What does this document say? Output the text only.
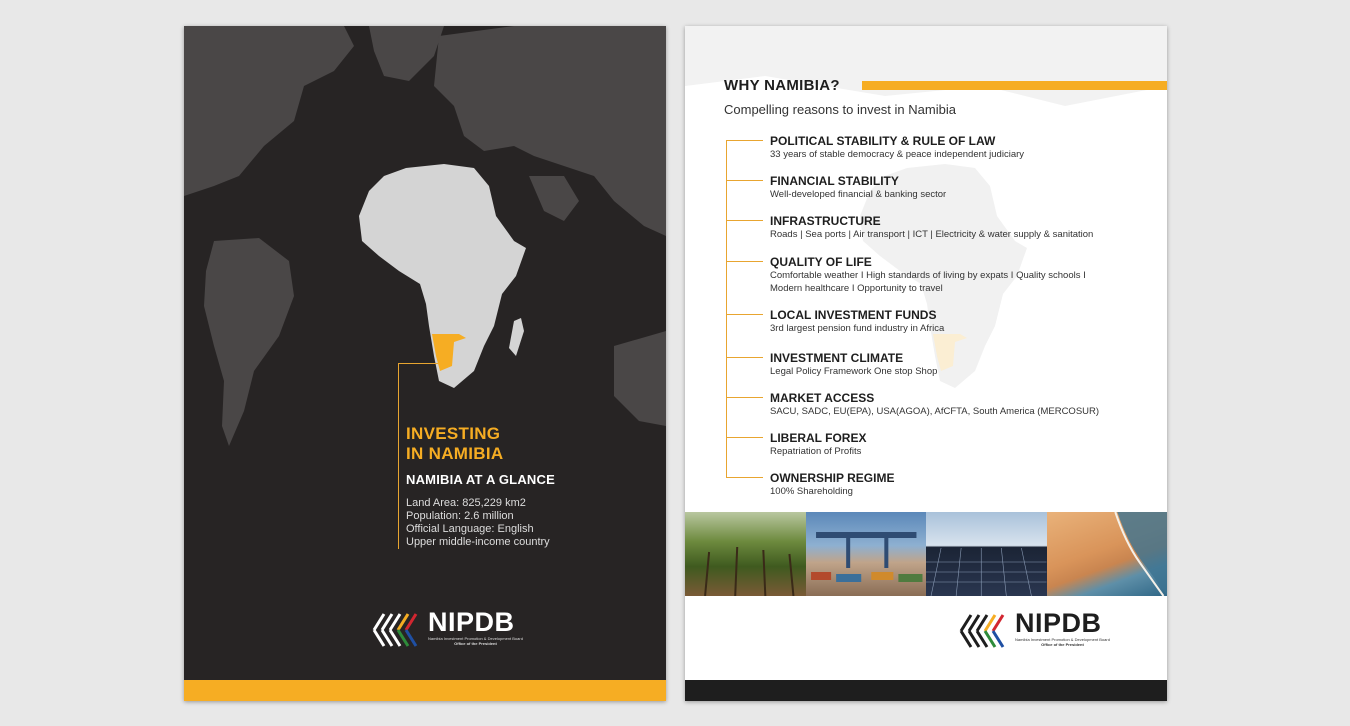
INVESTING
IN NAMIBIA
NAMIBIA AT A GLANCE
Land Area: 825,229 km2
Population: 2.6 million
Official Language: English
Upper middle-income country
NIPDB
Namibia Investment Promotion & Development Board
Office of the President
WHY NAMIBIA?
Compelling reasons to invest in Namibia
POLITICAL STABILITY & RULE OF LAW
33 years of stable democracy & peace independent judiciary
FINANCIAL STABILITY
Well-developed financial & banking sector
INFRASTRUCTURE
Roads | Sea ports | Air transport | ICT | Electricity & water supply & sanitation
QUALITY OF LIFE
Comfortable weather I High standards of living by expats I Quality schools I
Modern healthcare I Opportunity to travel
LOCAL INVESTMENT FUNDS
3rd largest pension fund industry in Africa
INVESTMENT CLIMATE
Legal Policy Framework One stop Shop
MARKET ACCESS
SACU, SADC, EU(EPA), USA(AGOA), AfCFTA, South America (MERCOSUR)
LIBERAL FOREX
Repatriation of Profits
OWNERSHIP REGIME
100% Shareholding
NIPDB
Namibia Investment Promotion & Development Board
Office of the President
